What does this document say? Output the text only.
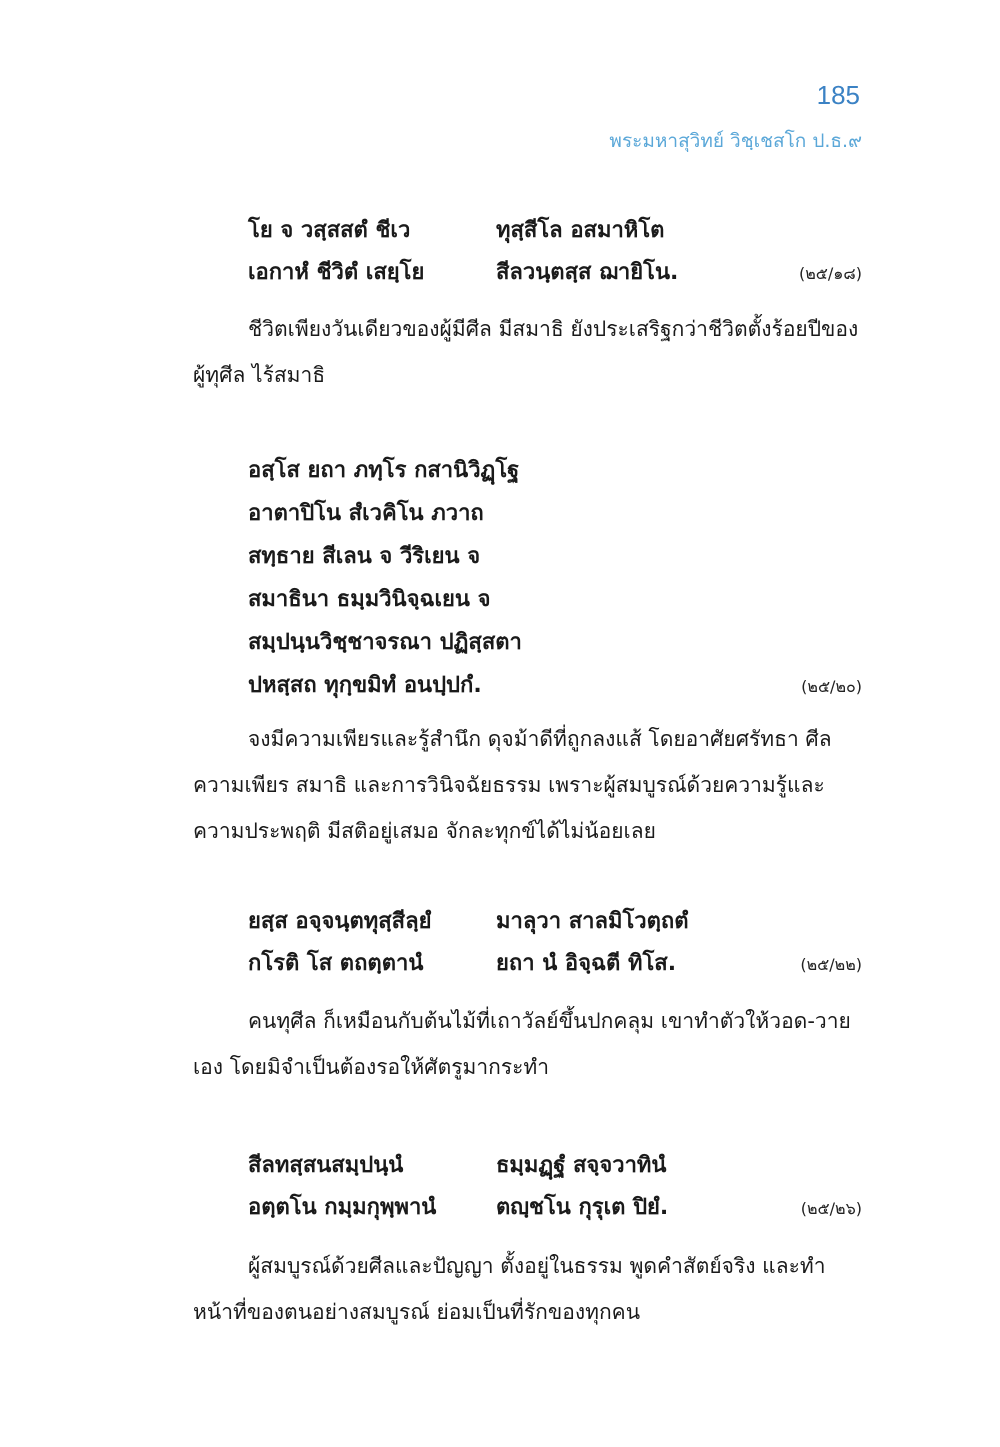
185
พระมหาสุวิทย์ วิชฺเชสโก ป.ธ.๙
โย จ วสฺสสตํ ชีเว	ทุสฺสีโล อสมาหิโต
เอกาหํ ชีวิตํ เสยฺโย	สีลวนฺตสฺส ฌายิโน.	(๒๕/๑๘)
ชีวิตเพียงวันเดียวของผู้มีศีล มีสมาธิ ยังประเสริฐกว่าชีวิตตั้งร้อยปีของผู้ทุศีล ไร้สมาธิ
อสฺโส ยถา ภทฺโร กสานิวิฏฺโฐ
อาตาปิโน สํเวคิโน ภวาถ
สทฺธาย สีเลน จ วีริเยน จ
สมาธินา ธมฺมวินิจฺฉเยน จ
สมฺปนฺนวิชฺชาจรณา ปฏิสฺสตา
ปหสฺสถ ทุกฺขมิทํ อนปฺปกํ.	(๒๕/๒๐)
จงมีความเพียรและรู้สำนึก ดุจม้าดีที่ถูกลงแส้ โดยอาศัยศรัทธา ศีล ความเพียร สมาธิ และการวินิจฉัยธรรม เพราะผู้สมบูรณ์ด้วยความรู้และความประพฤติ มีสติอยู่เสมอ จักละทุกข์ได้ไม่น้อยเลย
ยสฺส อจฺจนฺตทุสฺสีลฺยํ	มาลุวา สาลมิโวตฺถตํ
กโรติ โส ตถตฺตานํ	ยถา นํ อิจฺฉตี ทิโส.	(๒๕/๒๒)
คนทุศีล ก็เหมือนกับต้นไม้ที่เถาวัลย์ขึ้นปกคลุม เขาทำตัวให้วอด-วายเอง โดยมิจำเป็นต้องรอให้ศัตรูมากระทำ
สีลทสฺสนสมฺปนฺนํ	ธมฺมฏฺฐํ สจฺจวาทินํ
อตฺตโน กมฺมกุพฺพานํ	ตญฺชโน กุรุเต ปิยํ.	(๒๕/๒๖)
ผู้สมบูรณ์ด้วยศีลและปัญญา ตั้งอยู่ในธรรม พูดคำสัตย์จริง และทำหน้าที่ของตนอย่างสมบูรณ์ ย่อมเป็นที่รักของทุกคน
